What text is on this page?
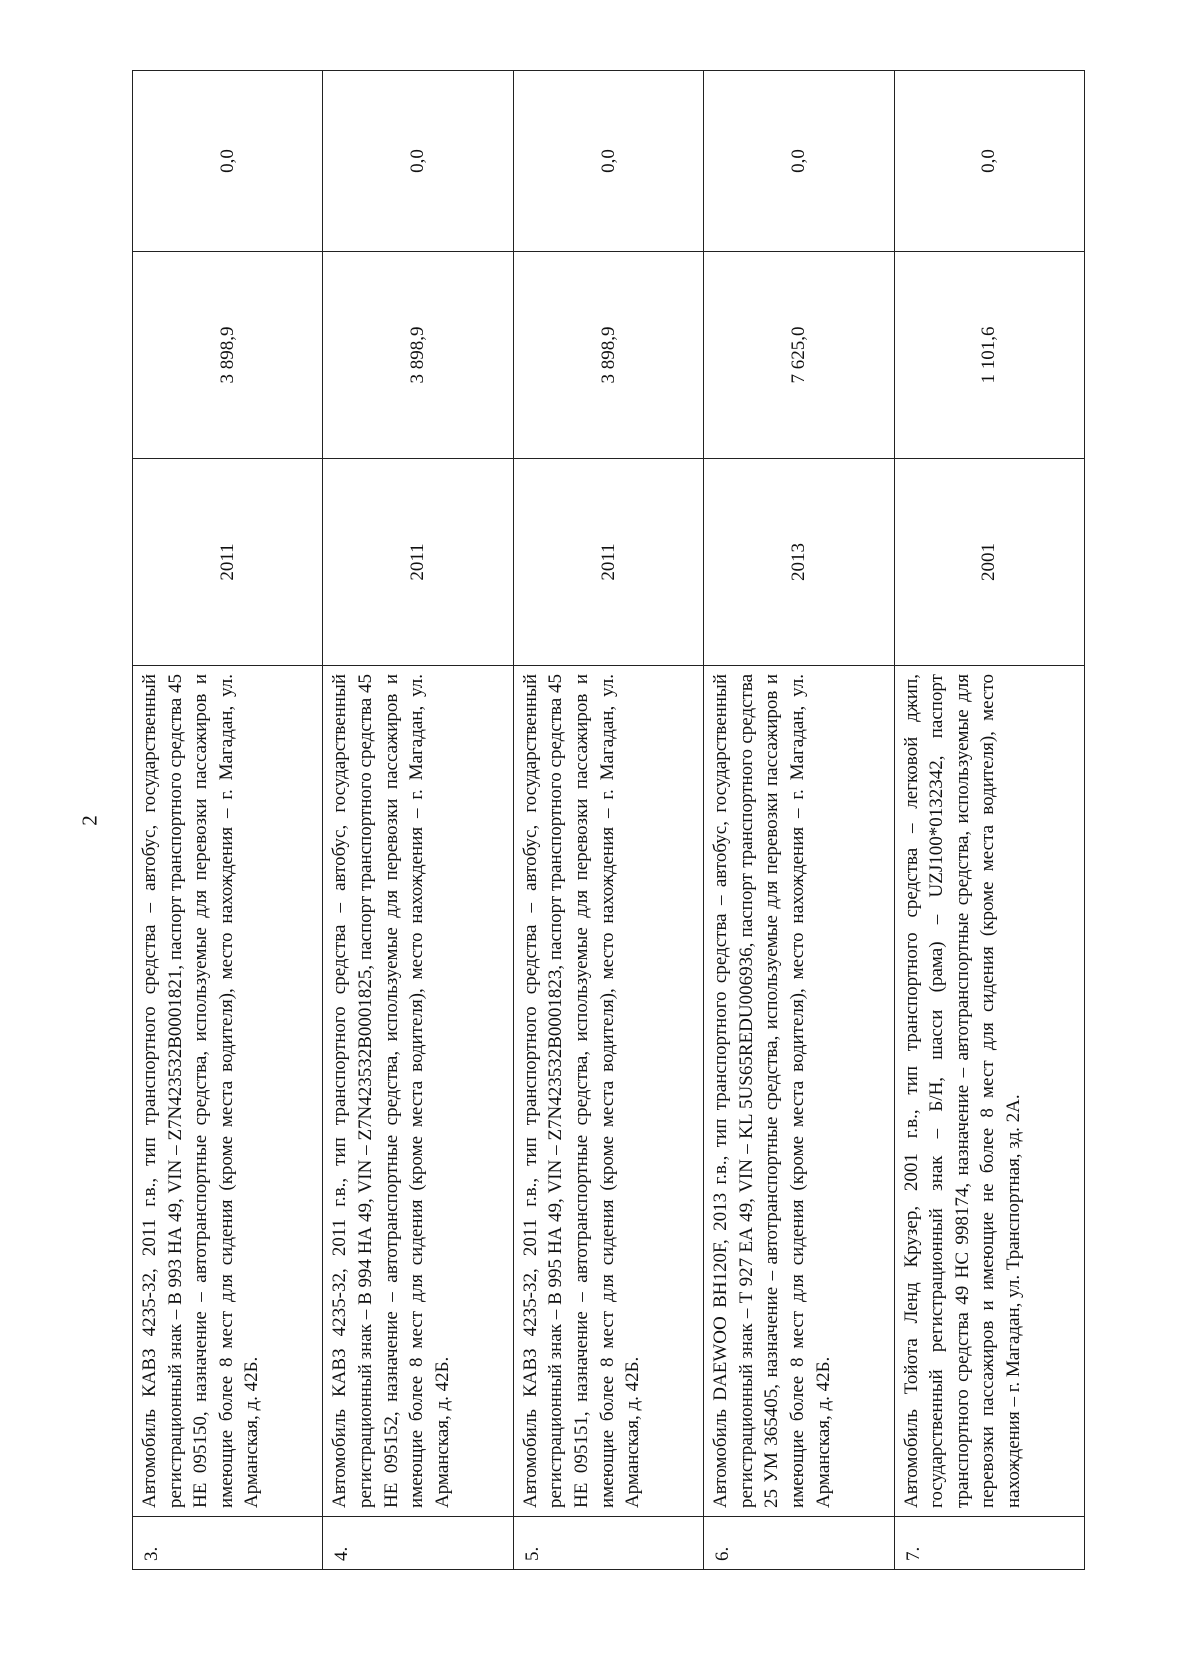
2
3.	Автомобиль КАВЗ 4235-32, 2011 г.в., тип транспортного средства – автобус, государственный регистрационный знак – В 993 НА 49, VIN – Z7N423532B0001821, паспорт транспортного средства 45 НЕ 095150, назначение – автотранспортные средства, используемые для перевозки пассажиров и имеющие более 8 мест для сидения (кроме места водителя), место нахождения – г. Магадан, ул. Арманская, д. 42Б.	2011	3 898,9	0,0
4.	Автомобиль КАВЗ 4235-32, 2011 г.в., тип транспортного средства – автобус, государственный регистрационный знак – В 994 НА 49, VIN – Z7N423532B0001825, паспорт транспортного средства 45 НЕ 095152, назначение – автотранспортные средства, используемые для перевозки пассажиров и имеющие более 8 мест для сидения (кроме места водителя), место нахождения – г. Магадан, ул. Арманская, д. 42Б.	2011	3 898,9	0,0
5.	Автомобиль КАВЗ 4235-32, 2011 г.в., тип транспортного средства – автобус, государственный регистрационный знак – В 995 НА 49, VIN – Z7N423532B0001823, паспорт транспортного средства 45 НЕ 095151, назначение – автотранспортные средства, используемые для перевозки пассажиров и имеющие более 8 мест для сидения (кроме места водителя), место нахождения – г. Магадан, ул. Арманская, д. 42Б.	2011	3 898,9	0,0
6.	Автомобиль DAEWOO BH120F, 2013 г.в., тип транспортного средства – автобус, государственный регистрационный знак – Т 927 ЕА 49, VIN – KL 5US65REDU006936, паспорт транспортного средства 25 УМ 365405, назначение – автотранспортные средства, используемые для перевозки пассажиров и имеющие более 8 мест для сидения (кроме места водителя), место нахождения – г. Магадан, ул. Арманская, д. 42Б.	2013	7 625,0	0,0
7.	Автомобиль Тойота Ленд Крузер, 2001 г.в., тип транспортного средства – легковой джип, государственный регистрационный знак – Б/Н, шасси (рама) – UZJ100*0132342, паспорт транспортного средства 49 НС 998174, назначение – автотранспортные средства, используемые для перевозки пассажиров и имеющие не более 8 мест для сидения (кроме места водителя), место нахождения – г. Магадан, ул. Транспортная, зд. 2А.	2001	1 101,6	0,0
